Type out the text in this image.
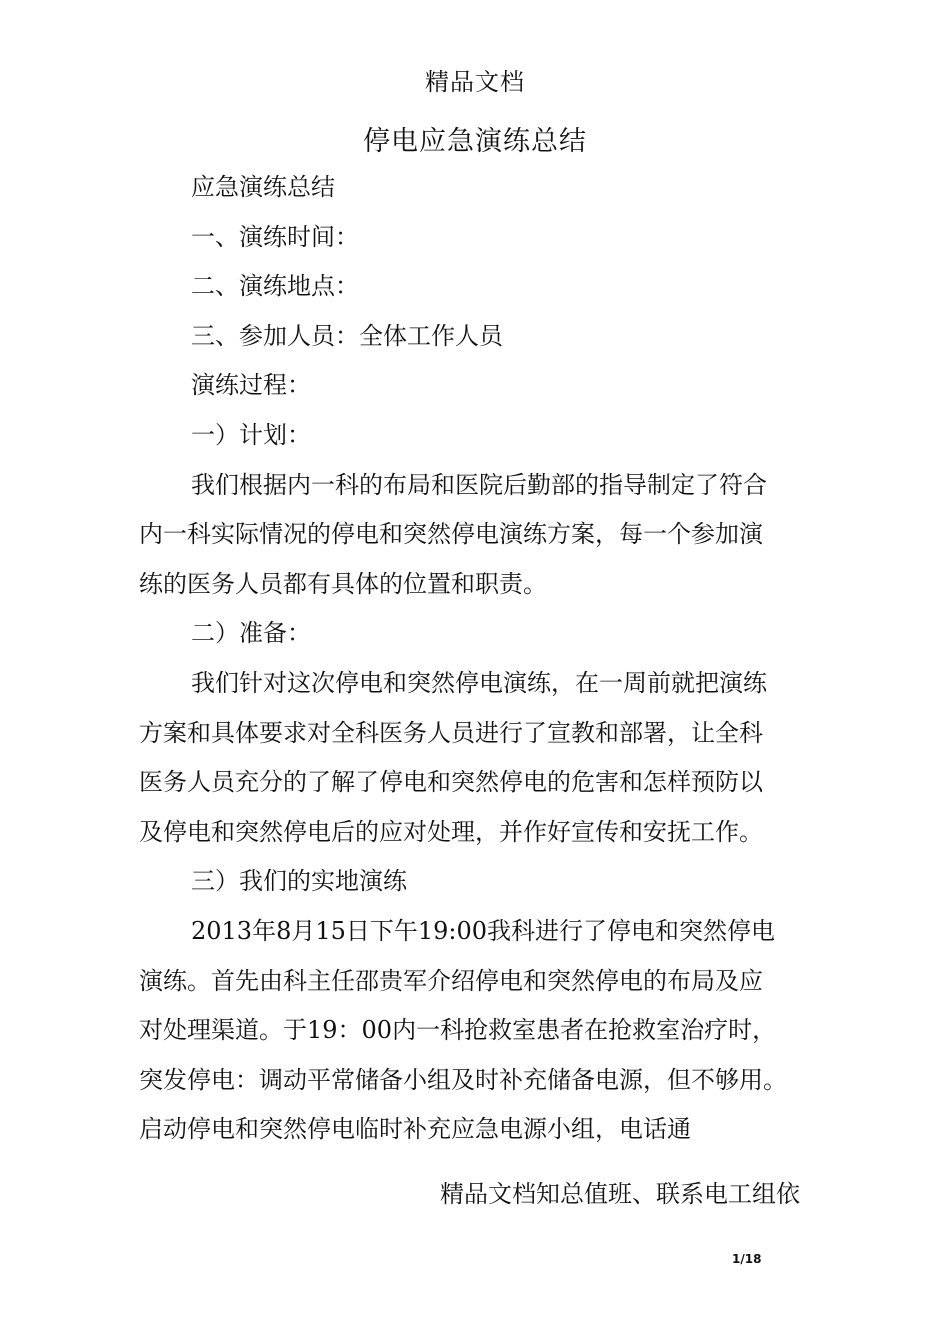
精品文档
停电应急演练总结

应急演练总结

一、演练时间：

二、演练地点：

三、参加人员：全体工作人员

演练过程：

一）计划：

我们根据内一科的布局和医院后勤部的指导制定了符合

内一科实际情况的停电和突然停电演练方案，每一个参加演

练的医务人员都有具体的位置和职责。

二）准备：

我们针对这次停电和突然停电演练，在一周前就把演练

方案和具体要求对全科医务人员进行了宣教和部署，让全科

医务人员充分的了解了停电和突然停电的危害和怎样预防以

及停电和突然停电后的应对处理，并作好宣传和安抚工作。

三）我们的实地演练

2013年8月15日下午19:00我科进行了停电和突然停电

演练。首先由科主任邵贵军介绍停电和突然停电的布局及应

对处理渠道。于19：00内一科抢救室患者在抢救室治疗时，

突发停电：调动平常储备小组及时补充储备电源，但不够用。

启动停电和突然停电临时补充应急电源小组，电话通

精品文档知总值班、联系电工组依
1/18
